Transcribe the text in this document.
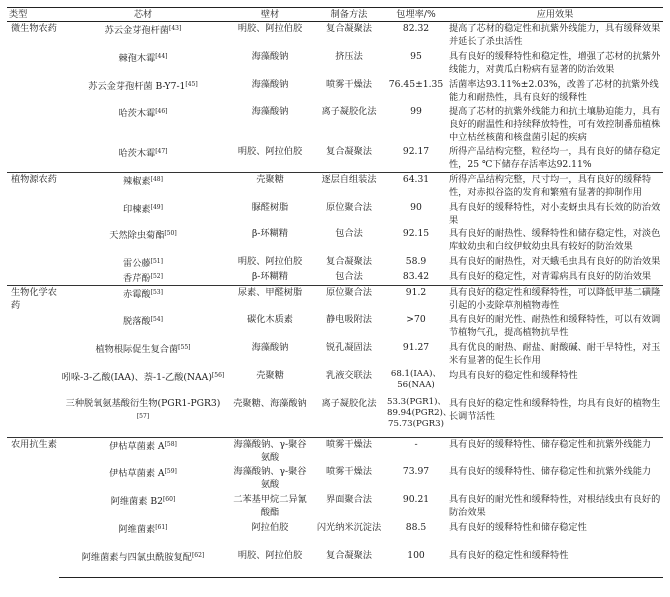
类型	芯材	壁材	制备方法	包埋率/%	应用效果
微生物农药	苏云金芽孢杆菌[43]	明胶、阿拉伯胶	复合凝聚法	82.32	提高了芯材的稳定性和抗紫外线能力，具有缓释效果并延长了杀虫活性
	棘孢木霉[44]	海藻酸钠	挤压法	95	具有良好的缓释特性和稳定性，增强了芯材的抗紫外线能力，对黄瓜白粉病有显著的防治效果
	苏云金芽孢杆菌 B-Y7-1[45]	海藻酸钠	喷雾干燥法	76.45±1.35	活菌率达93.11%±2.03%，改善了芯材的抗紫外线能力和耐热性，具有良好的缓释性
	哈茨木霉[46]	海藻酸钠	离子凝胶化法	99	提高了芯材的抗紫外线能力和抗土壤胁迫能力，具有良好的耐温性和持续释放特性，可有效控制番茄植株中立枯丝核菌和核盘菌引起的疾病
	哈茨木霉[47]	明胶、阿拉伯胶	复合凝聚法	92.17	所得产品结构完整，粒径均一，具有良好的储存稳定性，25 ℃下储存存活率达92.11%
植物源农药	辣椒素[48]	壳聚糖	逐层自组装法	64.31	所得产品结构完整，尺寸均一，具有良好的缓释特性，对赤拟谷盗的发育和繁殖有显著的抑制作用
	印楝素[49]	脲醛树脂	原位聚合法	90	具有良好的缓释特性，对小麦蚜虫具有长效的防治效果
	天然除虫菊酯[50]	β-环糊精	包合法	92.15	具有良好的耐热性、缓释特性和储存稳定性，对淡色库蚊幼虫和白纹伊蚊幼虫具有较好的防治效果
	雷公藤[51]	明胶、阿拉伯胶	复合凝聚法	58.9	具有良好的耐热性，对天蛾毛虫具有良好的防治效果
	香芹酚[52]	β-环糊精	包合法	83.42	具有良好的稳定性，对青霉病具有良好的防治效果
生物化学农药	赤霉酸[53]	尿素、甲醛树脂	原位聚合法	91.2	具有良好的稳定性和缓释特性，可以降低甲基二磺隆引起的小麦除草剂植物毒性
	脱落酸[54]	碳化木质素	静电吸附法	>70	具有良好的耐光性、耐热性和缓释特性，可以有效调节植物气孔，提高植物抗旱性
	植物根际促生复合菌[55]	海藻酸钠	锐孔凝固法	91.27	具有优良的耐热、耐盐、耐酸碱、耐干旱特性，对玉米有显著的促生长作用
	吲哚-3-乙酸(IAA)、萘-1-乙酸(NAA)[56]	壳聚糖	乳液交联法	68.1(IAA)、56(NAA)	均具有良好的稳定性和缓释特性
	三种脱氧氨基酸衍生物(PGR1-PGR3)[57]	壳聚糖、海藻酸钠	离子凝胶化法	53.3(PGR1)、89.94(PGR2)、75.73(PGR3)	具有良好的稳定性和缓释特性，均具有良好的植物生长调节活性
农用抗生素	伊枯草菌素 A[58]	海藻酸钠、γ-聚谷氨酸	喷雾干燥法	-	具有良好的缓释特性、储存稳定性和抗紫外线能力
	伊枯草菌素 A[59]	海藻酸钠、γ-聚谷氨酸	喷雾干燥法	73.97	具有良好的缓释特性、储存稳定性和抗紫外线能力
	阿维菌素 B2[60]	二苯基甲烷二异氰酸酯	界面聚合法	90.21	具有良好的耐光性和缓释特性，对根结线虫有良好的防治效果
	阿维菌素[61]	阿拉伯胶	闪光纳米沉淀法	88.5	具有良好的缓释特性和储存稳定性
	阿维菌素与四氯虫酰胺复配[62]	明胶、阿拉伯胶	复合凝聚法	100	具有良好的稳定性和缓释特性
